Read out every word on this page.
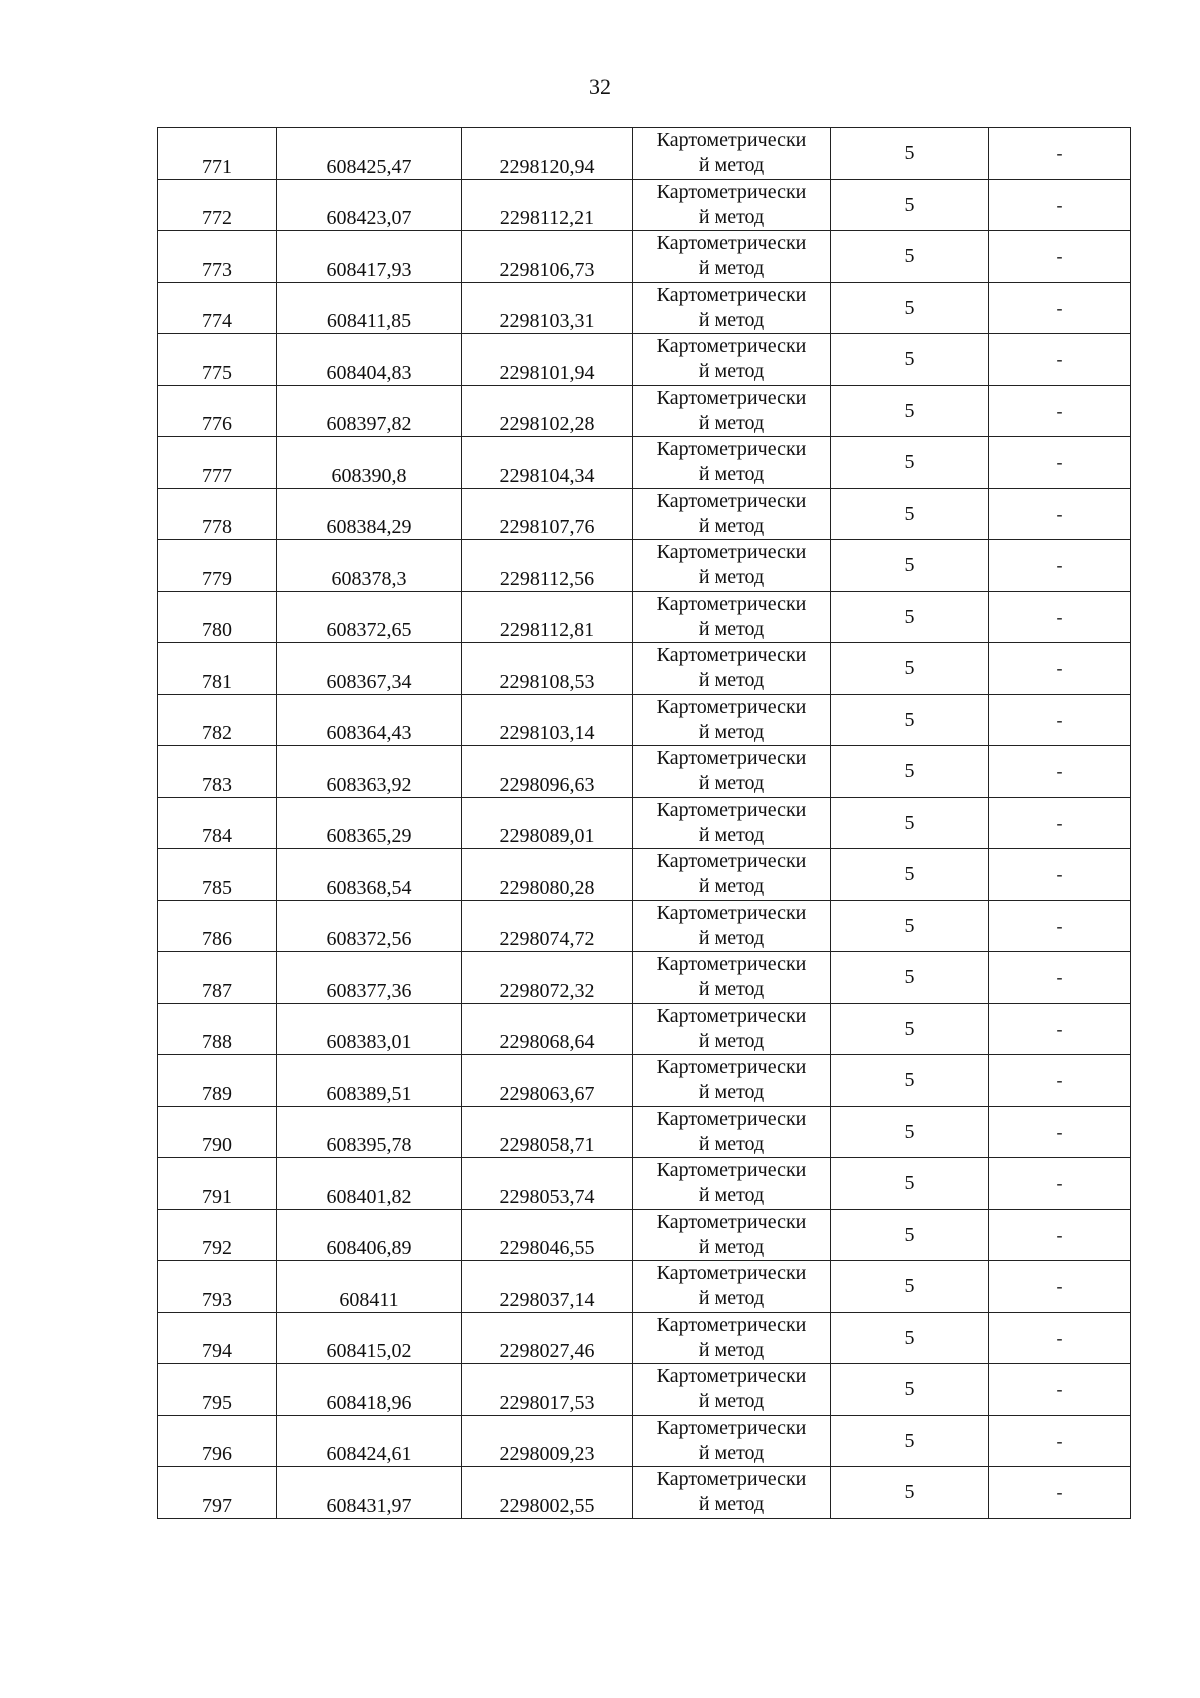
32
771	608425,47	2298120,94	Картометрически
й метод	5	-
772	608423,07	2298112,21	Картометрически
й метод	5	-
773	608417,93	2298106,73	Картометрически
й метод	5	-
774	608411,85	2298103,31	Картометрически
й метод	5	-
775	608404,83	2298101,94	Картометрически
й метод	5	-
776	608397,82	2298102,28	Картометрически
й метод	5	-
777	608390,8	2298104,34	Картометрически
й метод	5	-
778	608384,29	2298107,76	Картометрически
й метод	5	-
779	608378,3	2298112,56	Картометрически
й метод	5	-
780	608372,65	2298112,81	Картометрически
й метод	5	-
781	608367,34	2298108,53	Картометрически
й метод	5	-
782	608364,43	2298103,14	Картометрически
й метод	5	-
783	608363,92	2298096,63	Картометрически
й метод	5	-
784	608365,29	2298089,01	Картометрически
й метод	5	-
785	608368,54	2298080,28	Картометрически
й метод	5	-
786	608372,56	2298074,72	Картометрически
й метод	5	-
787	608377,36	2298072,32	Картометрически
й метод	5	-
788	608383,01	2298068,64	Картометрически
й метод	5	-
789	608389,51	2298063,67	Картометрически
й метод	5	-
790	608395,78	2298058,71	Картометрически
й метод	5	-
791	608401,82	2298053,74	Картометрически
й метод	5	-
792	608406,89	2298046,55	Картометрически
й метод	5	-
793	608411	2298037,14	Картометрически
й метод	5	-
794	608415,02	2298027,46	Картометрически
й метод	5	-
795	608418,96	2298017,53	Картометрически
й метод	5	-
796	608424,61	2298009,23	Картометрически
й метод	5	-
797	608431,97	2298002,55	Картометрически
й метод	5	-
